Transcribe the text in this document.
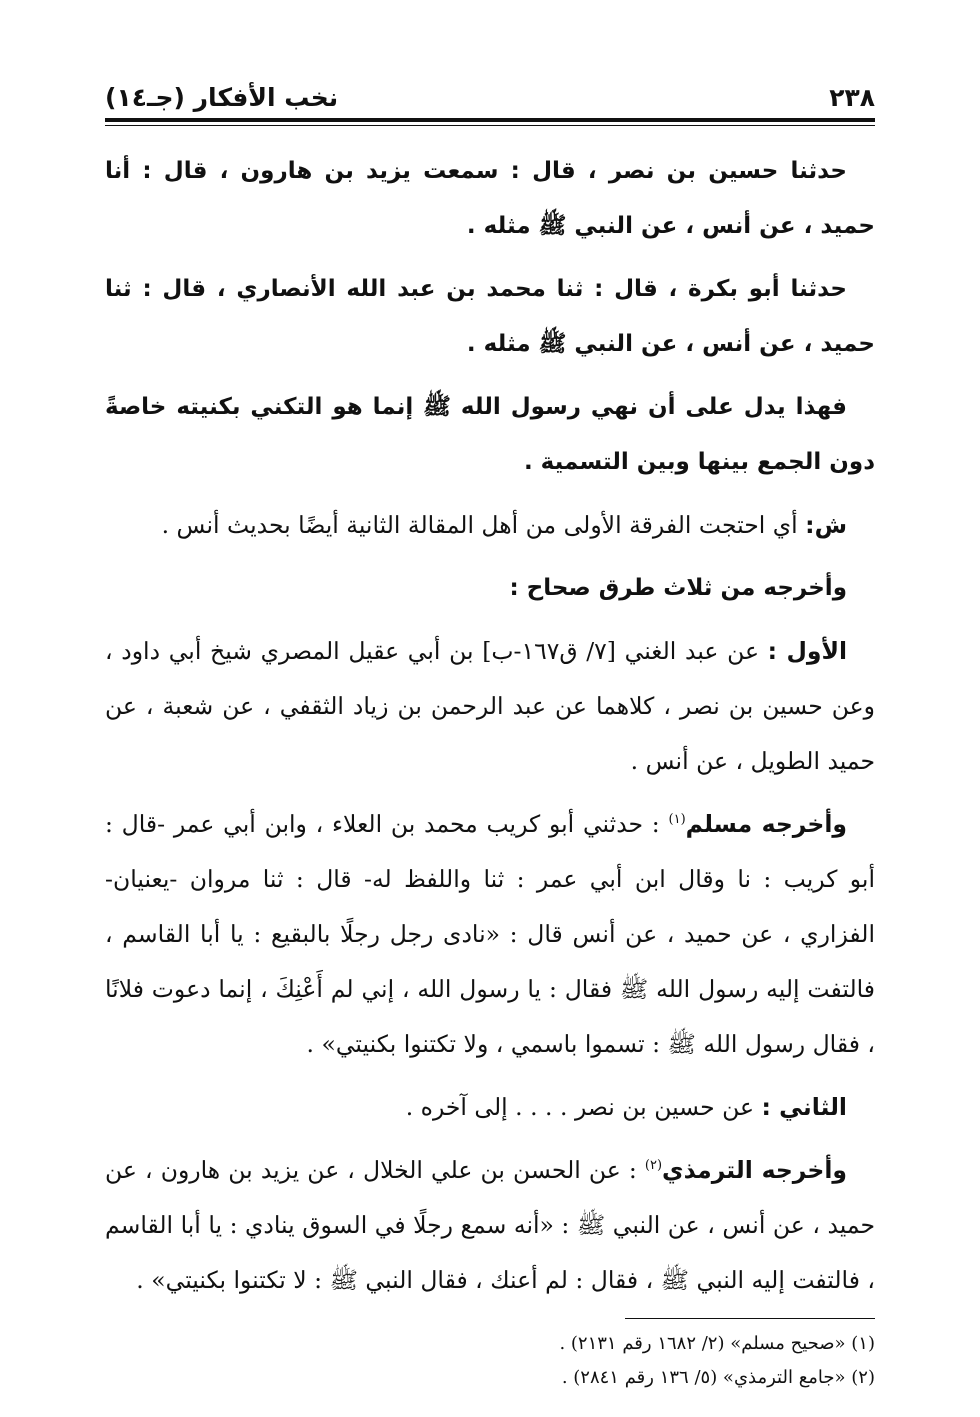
٢٣٨
نخب الأفكار (جـ١٤)

حدثنا حسين بن نصر ، قال : سمعت يزيد بن هارون ، قال : أنا حميد ، عن أنس ، عن النبي ﷺ مثله .

حدثنا أبو بكرة ، قال : ثنا محمد بن عبد الله الأنصاري ، قال : ثنا حميد ، عن أنس ، عن النبي ﷺ مثله .

فهذا يدل على أن نهي رسول الله ﷺ إنما هو التكني بكنيته خاصةً دون الجمع بينها وبين التسمية .

ش: أي احتجت الفرقة الأولى من أهل المقالة الثانية أيضًا بحديث أنس .

وأخرجه من ثلاث طرق صحاح :

الأول : عن عبد الغني [٧/ ق١٦٧-ب] بن أبي عقيل المصري شيخ أبي داود ، وعن حسين بن نصر ، كلاهما عن عبد الرحمن بن زياد الثقفي ، عن شعبة ، عن حميد الطويل ، عن أنس .

وأخرجه مسلم$^{(١)}$ : حدثني أبو كريب محمد بن العلاء ، وابن أبي عمر -قال : أبو كريب : نا وقال ابن أبي عمر : ثنا واللفظ له- قال : ثنا مروان -يعنيان- الفزاري ، عن حميد ، عن أنس قال : «نادى رجل رجلًا بالبقيع : يا أبا القاسم ، فالتفت إليه رسول الله ﷺ فقال : يا رسول الله ، إني لم أَعْنِكَ ، إنما دعوت فلانًا ، فقال رسول الله ﷺ : تسموا باسمي ، ولا تكتنوا بكنيتي» .

الثاني : عن حسين بن نصر . . . . إلى آخره .

وأخرجه الترمذي$^{(٢)}$ : عن الحسن بن علي الخلال ، عن يزيد بن هارون ، عن حميد ، عن أنس ، عن النبي ﷺ : «أنه سمع رجلًا في السوق ينادي : يا أبا القاسم ، فالتفت إليه النبي ﷺ ، فقال : لم أعنك ، فقال النبي ﷺ : لا تكتنوا بكنيتي» .

(١) «صحيح مسلم» (٢/ ١٦٨٢ رقم ٢١٣١) .

(٢) «جامع الترمذي» (٥/ ١٣٦ رقم ٢٨٤١) .
